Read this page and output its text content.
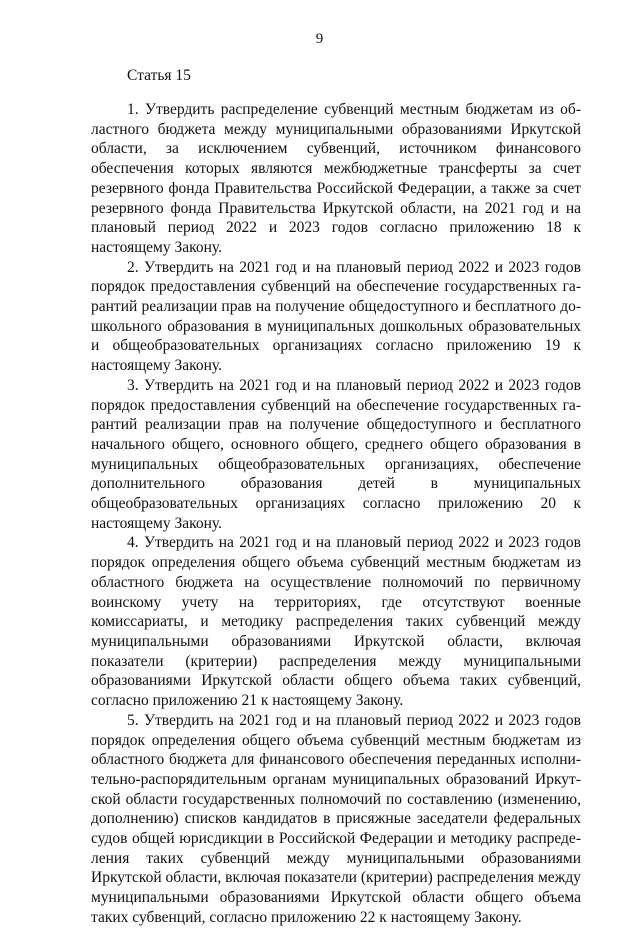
9
Статья 15

1. Утвердить распределение субвенций местным бюджетам из областного бюджета между муниципальными образованиями Иркутской области, за исключением субвенций, источником финансового обеспечения которых являются межбюджетные трансферты за счет резервного фонда Правительства Российской Федерации, а также за счет резервного фонда Правительства Иркутской области, на 2021 год и на плановый период 2022 и 2023 годов согласно приложению 18 к настоящему Закону.

2. Утвердить на 2021 год и на плановый период 2022 и 2023 годов порядок предоставления субвенций на обеспечение государственных гарантий реализации прав на получение общедоступного и бесплатного дошкольного образования в муниципальных дошкольных образовательных и общеобразовательных организациях согласно приложению 19 к настоящему Закону.

3. Утвердить на 2021 год и на плановый период 2022 и 2023 годов порядок предоставления субвенций на обеспечение государственных гарантий реализации прав на получение общедоступного и бесплатного начального общего, основного общего, среднего общего образования в муниципальных общеобразовательных организациях, обеспечение дополнительного образования детей в муниципальных общеобразовательных организациях согласно приложению 20 к настоящему Закону.

4. Утвердить на 2021 год и на плановый период 2022 и 2023 годов порядок определения общего объема субвенций местным бюджетам из областного бюджета на осуществление полномочий по первичному воинскому учету на территориях, где отсутствуют военные комиссариаты, и методику распределения таких субвенций между муниципальными образованиями Иркутской области, включая показатели (критерии) распределения между муниципальными образованиями Иркутской области общего объема таких субвенций, согласно приложению 21 к настоящему Закону.

5. Утвердить на 2021 год и на плановый период 2022 и 2023 годов порядок определения общего объема субвенций местным бюджетам из областного бюджета для финансового обеспечения переданных исполнительно-распорядительным органам муниципальных образований Иркутской области государственных полномочий по составлению (изменению, дополнению) списков кандидатов в присяжные заседатели федеральных судов общей юрисдикции в Российской Федерации и методику распределения таких субвенций между муниципальными образованиями Иркутской области, включая показатели (критерии) распределения между муниципальными образованиями Иркутской области общего объема таких субвенций, согласно приложению 22 к настоящему Закону.
